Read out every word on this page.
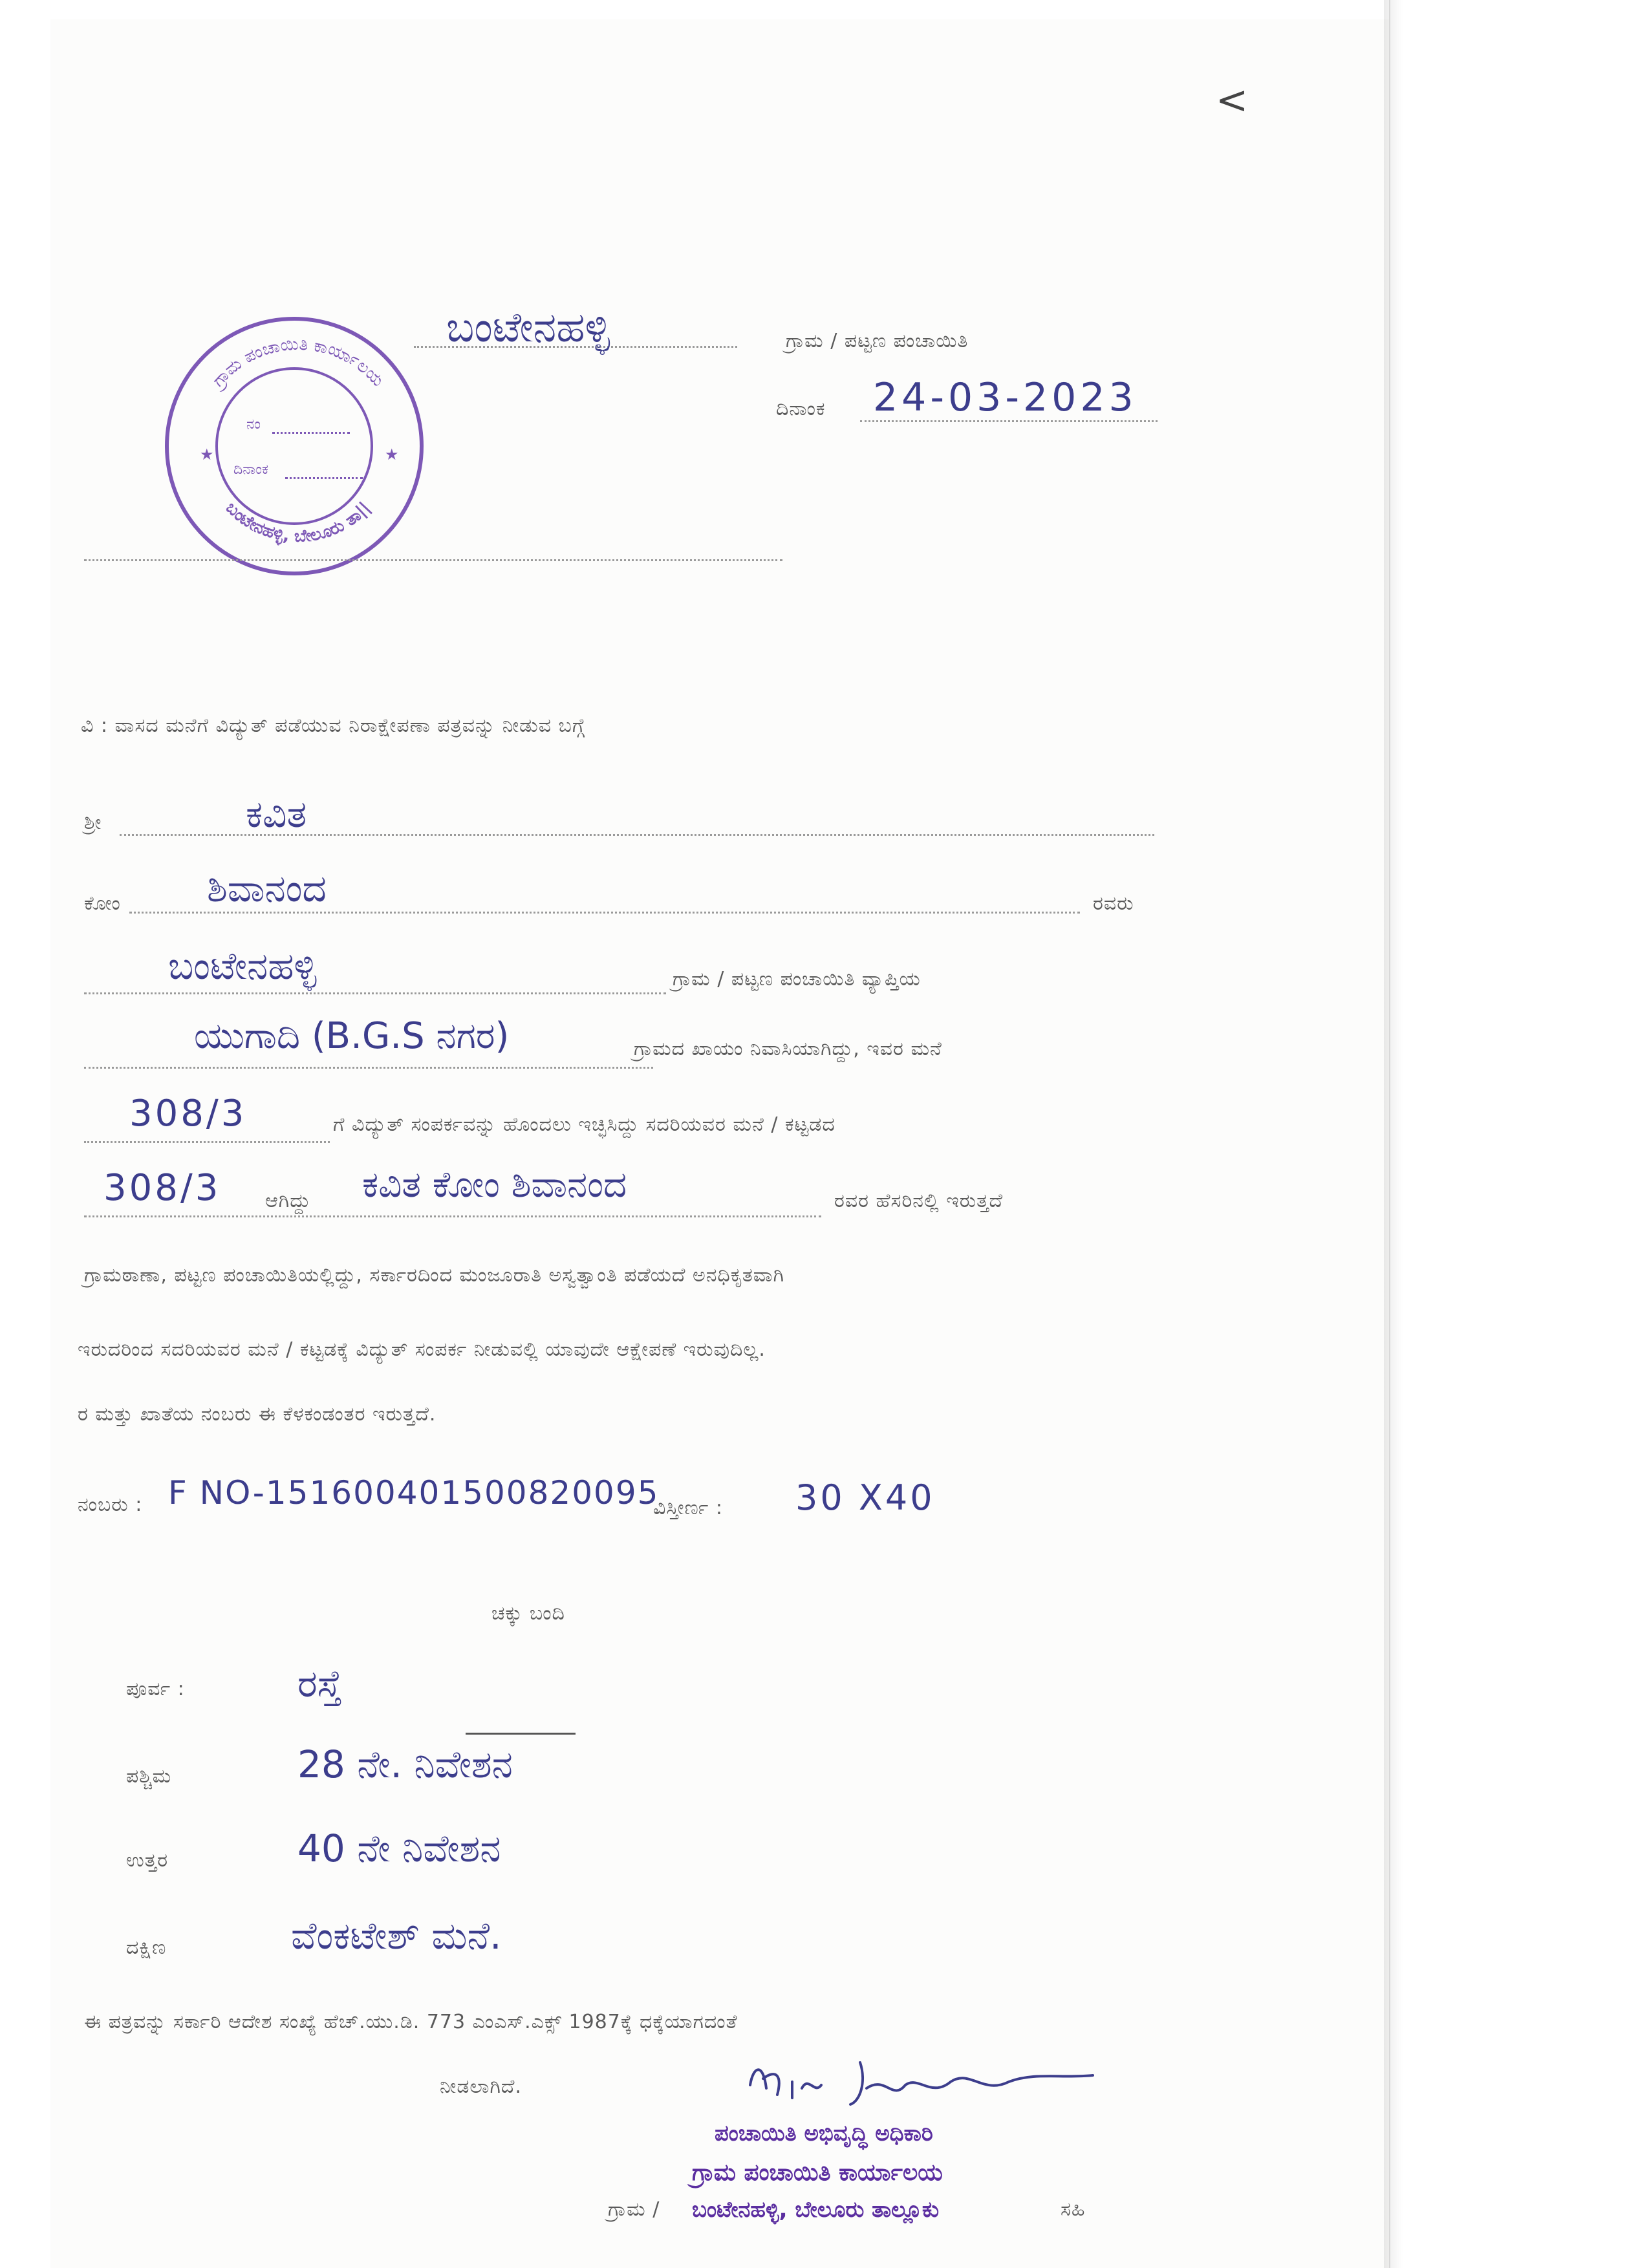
<
ಬಂಟೇನಹಳ್ಳಿ	ಗ್ರಾಮ / ಪಟ್ಟಣ ಪಂಚಾಯಿತಿ
ದಿನಾಂಕ 24-03-2023
ಗ್ರಾಮ ಪಂಚಾಯಿತಿ ಕಾರ್ಯಾಲಯ
ಬಂಟೇನಹಳ್ಳಿ, ಬೇಲೂರು ತಾ||
★	★
ನಂ
ದಿನಾಂಕ
ವಿ : ವಾಸದ ಮನೆಗೆ ವಿದ್ಯುತ್ ಪಡೆಯುವ ನಿರಾಕ್ಷೇಪಣಾ ಪತ್ರವನ್ನು ನೀಡುವ ಬಗ್ಗೆ
ಶ್ರೀ	ಕವಿತ
ಕೋಂ ಶಿವಾನಂದ	ರವರು
ಬಂಟೇನಹಳ್ಳಿ	ಗ್ರಾಮ / ಪಟ್ಟಣ ಪಂಚಾಯಿತಿ ವ್ಯಾಪ್ತಿಯ
ಯುಗಾದಿ (B.G.S ನಗರ)	ಗ್ರಾಮದ ಖಾಯಂ ನಿವಾಸಿಯಾಗಿದ್ದು, ಇವರ ಮನೆ
308/3	ಗೆ ವಿದ್ಯುತ್ ಸಂಪರ್ಕವನ್ನು ಹೊಂದಲು ಇಚ್ಛಿಸಿದ್ದು ಸದರಿಯವರ ಮನೆ / ಕಟ್ಟಡದ
308/3 ಆಗಿದ್ದು ಕವಿತ ಕೋಂ ಶಿವಾನಂದ	ರವರ ಹೆಸರಿನಲ್ಲಿ ಇರುತ್ತದೆ
ಗ್ರಾಮಠಾಣಾ, ಪಟ್ಟಣ ಪಂಚಾಯಿತಿಯಲ್ಲಿದ್ದು, ಸರ್ಕಾರದಿಂದ ಮಂಜೂರಾತಿ ಅಸ್ವತ್ವಾಂತಿ ಪಡೆಯದೆ ಅನಧಿಕೃತವಾಗಿ
ಇರುದರಿಂದ ಸದರಿಯವರ ಮನೆ / ಕಟ್ಟಡಕ್ಕೆ ವಿದ್ಯುತ್ ಸಂಪರ್ಕ ನೀಡುವಲ್ಲಿ ಯಾವುದೇ ಆಕ್ಷೇಪಣೆ ಇರುವುದಿಲ್ಲ.
ರ ಮತ್ತು ಖಾತೆಯ ನಂಬರು ಈ ಕೆಳಕಂಡಂತರ ಇರುತ್ತದೆ.
ನಂಬರು : F NO-151600401500820095
ವಿಸ್ತೀರ್ಣ : 30 X40
ಚಕ್ಕು ಬಂದಿ
ಪೂರ್ವ :	ರಸ್ತೆ
ಪಶ್ಚಿಮ	28 ನೇ. ನಿವೇಶನ
ಉತ್ತರ	40 ನೇ ನಿವೇಶನ
ದಕ್ಷಿಣ	ವೆಂಕಟೇಶ್ ಮನೆ.
ಈ ಪತ್ರವನ್ನು ಸರ್ಕಾರಿ ಆದೇಶ ಸಂಖ್ಯೆ ಹೆಚ್.ಯು.ಡಿ. 773 ಎಂಎಸ್.ಎಕ್ಸ್ 1987ಕ್ಕೆ ಧಕ್ಕೆಯಾಗದಂತೆ
ನೀಡಲಾಗಿದೆ.
ಪಂಚಾಯಿತಿ ಅಭಿವೃದ್ಧಿ ಅಧಿಕಾರಿ
ಗ್ರಾಮ ಪಂಚಾಯಿತಿ ಕಾರ್ಯಾಲಯ
ಗ್ರಾಮ / ಬಂಟೇನಹಳ್ಳಿ, ಬೇಲೂರು ತಾಲ್ಲೂಕು	ಸಹಿ
